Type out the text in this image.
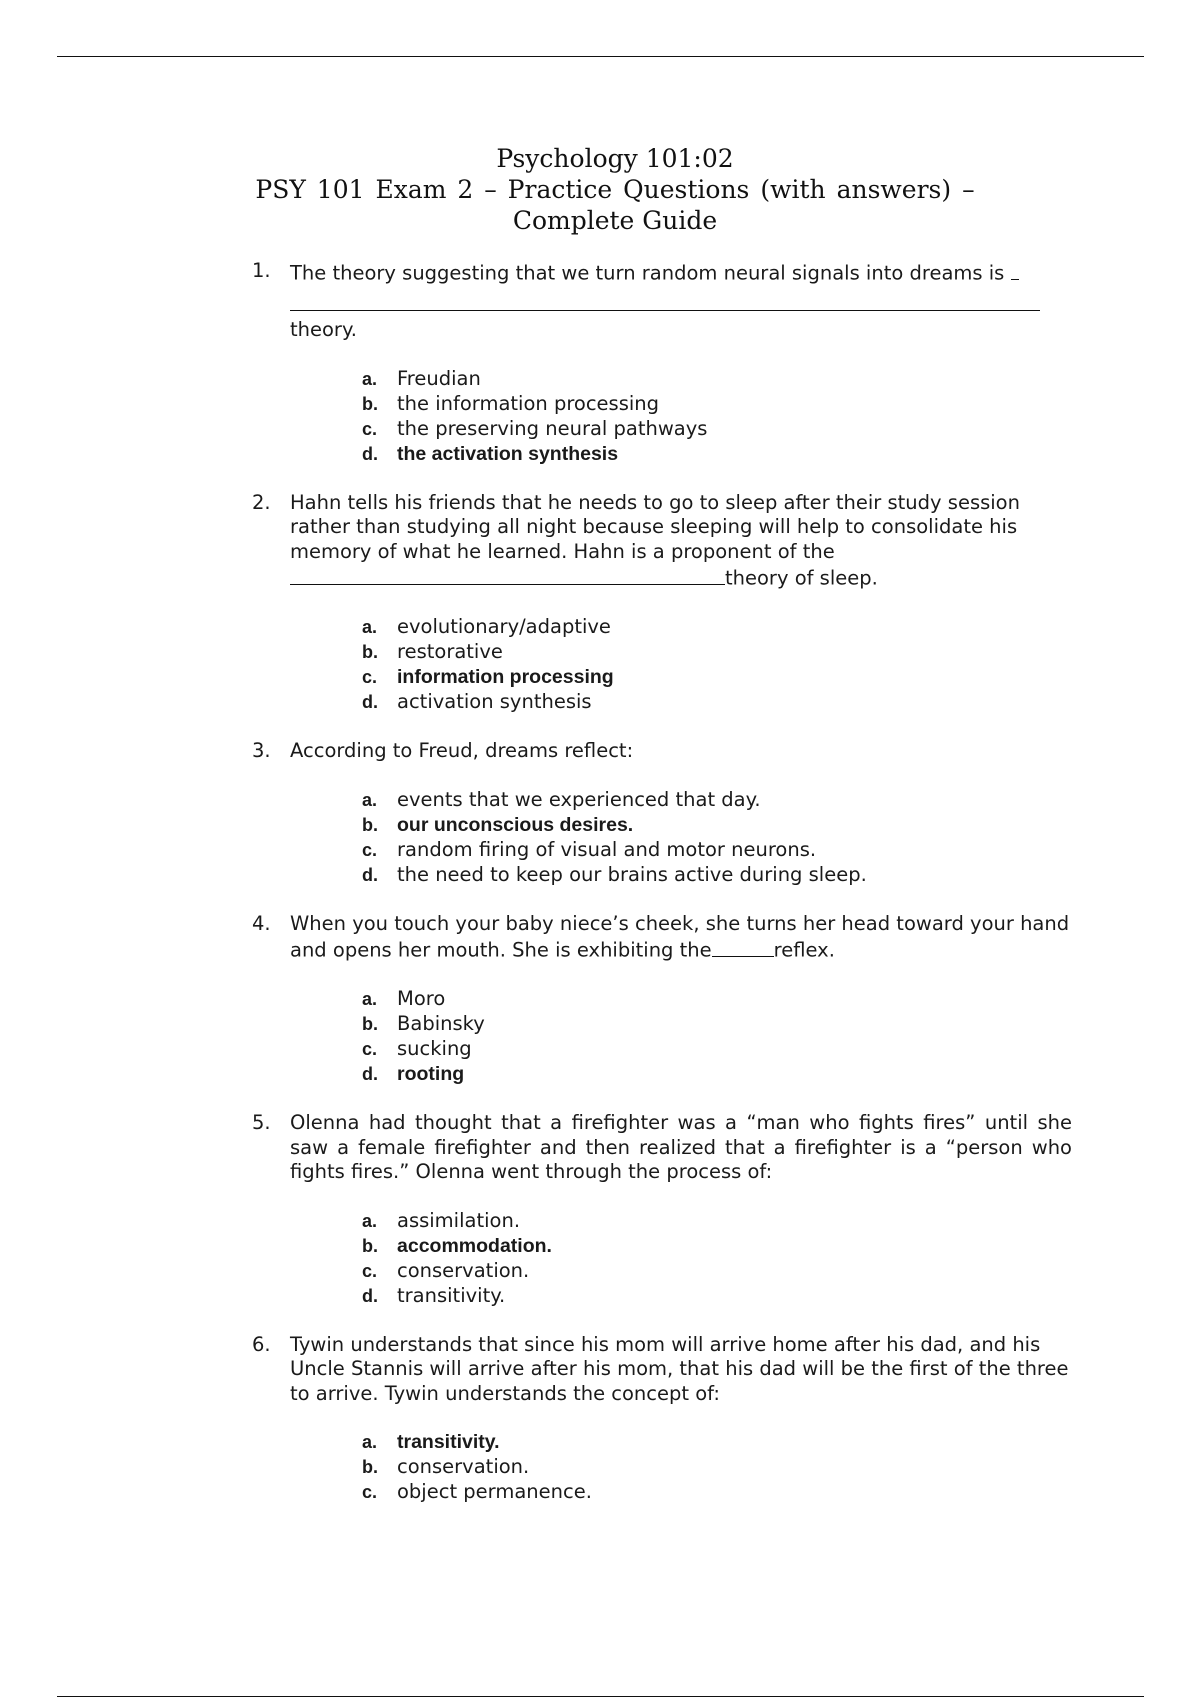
Psychology 101:02
PSY 101 Exam 2 – Practice Questions (with answers) –
Complete Guide
1. The theory suggesting that we turn random neural signals into dreams is
theory.
a.	Freudian
b. the information processing
c.	the preserving neural pathways
d. the activation synthesis
2. Hahn tells his friends that he needs to go to sleep after their study session rather than studying all night because sleeping will help to consolidate his memory of what he learned. Hahn is a proponent of the
theory of sleep.
a.	evolutionary/adaptive
b. restorative
c.	information processing
d. activation synthesis
3. According to Freud, dreams reflect:
a.	events that we experienced that day.
b. our unconscious desires.
c.	random firing of visual and motor neurons.
d. the need to keep our brains active during sleep.
4. When you touch your baby niece’s cheek, she turns her head toward your hand and opens her mouth. She is exhibiting the	reflex.
a.	Moro
b. Babinsky
c.	sucking
d. rooting
5. Olenna had thought that a firefighter was a “man who fights fires” until she saw a female firefighter and then realized that a firefighter is a “person who fights fires.” Olenna went through the process of:
a.	assimilation.
b. accommodation.
c.	conservation.
d. transitivity.
6. Tywin understands that since his mom will arrive home after his dad, and his Uncle Stannis will arrive after his mom, that his dad will be the first of the three to arrive. Tywin understands the concept of:
a.	transitivity.
b. conservation.
c.	object permanence.
